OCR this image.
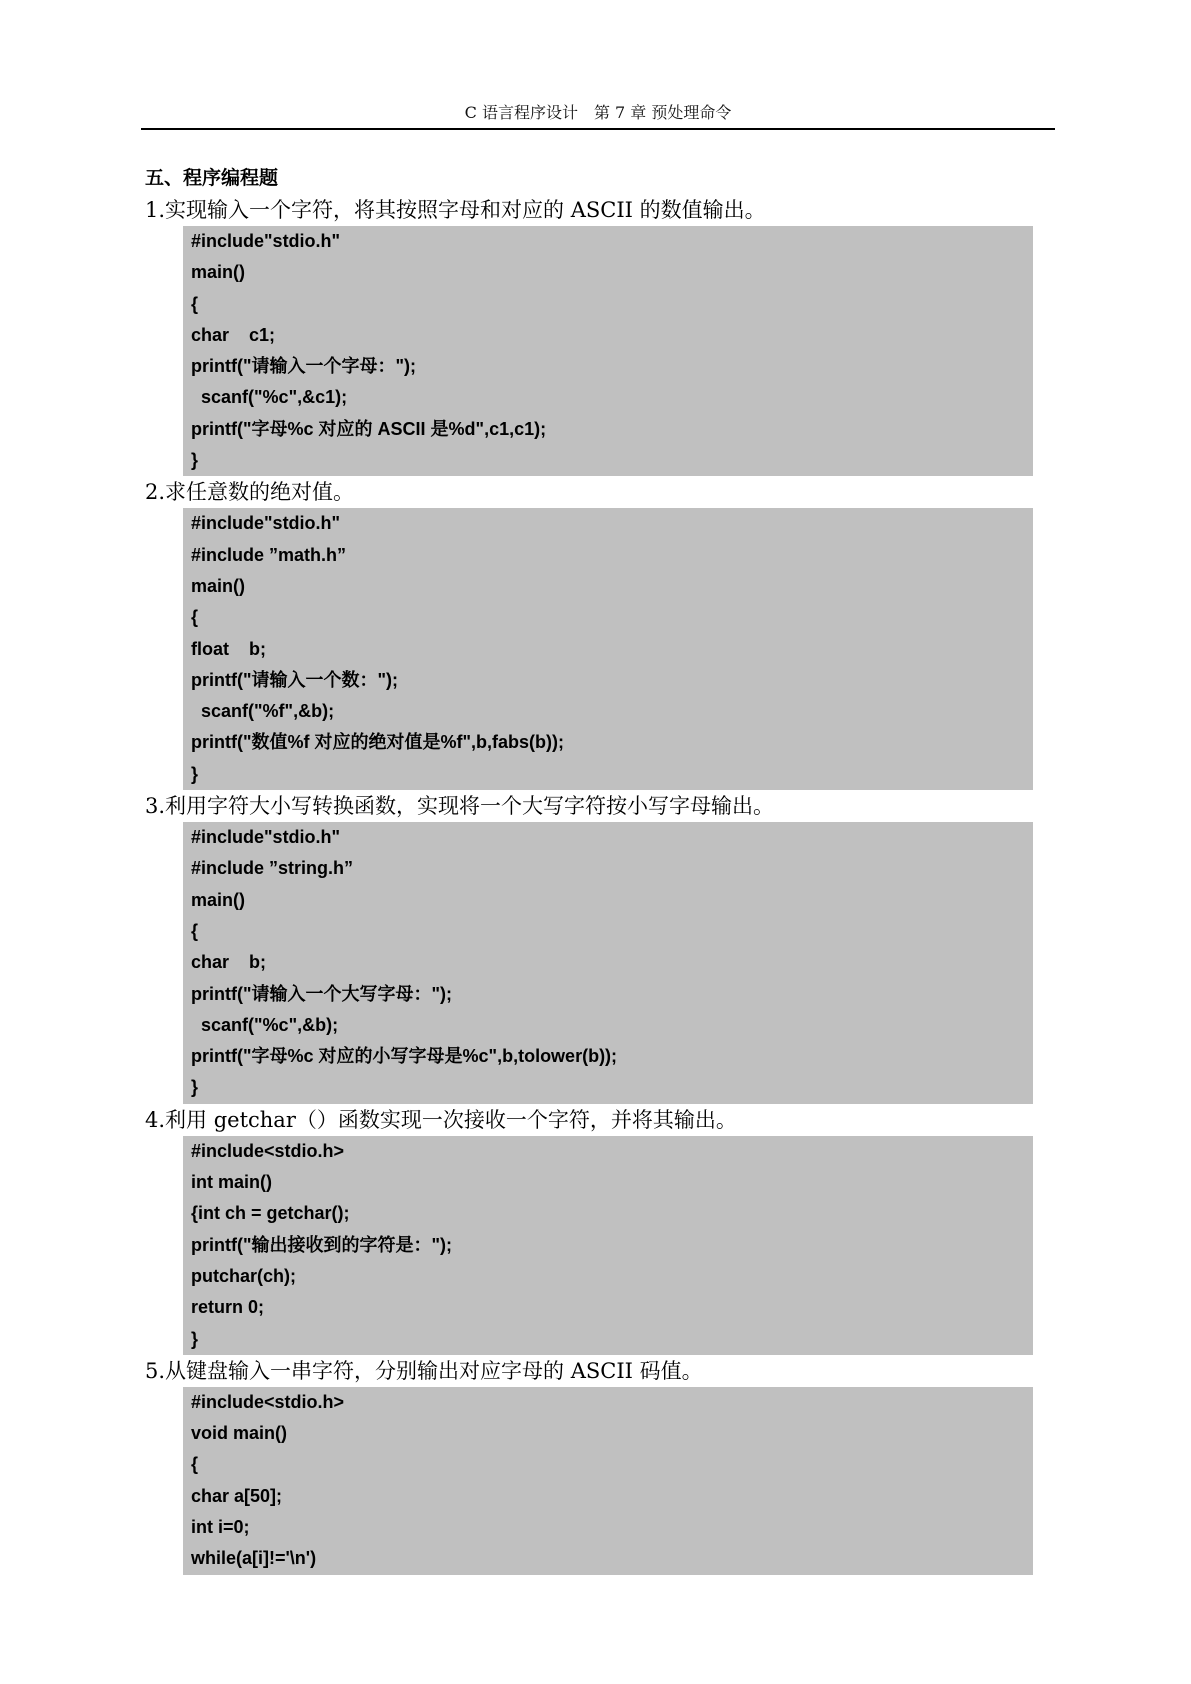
C 语言程序设计　第 7 章 预处理命令
五、程序编程题
1.实现输入一个字符，将其按照字母和对应的 ASCII 的数值输出。
#include"stdio.h"
main()
{
char    c1;
printf("请输入一个字母：");
scanf("%c",&c1);
printf("字母%c 对应的 ASCII 是%d",c1,c1);
}
2.求任意数的绝对值。
#include"stdio.h"
#include ”math.h”
main()
{
float    b;
printf("请输入一个数：");
scanf("%f",&b);
printf("数值%f 对应的绝对值是%f",b,fabs(b));
}
3.利用字符大小写转换函数，实现将一个大写字符按小写字母输出。
#include"stdio.h"
#include ”string.h”
main()
{
char    b;
printf("请输入一个大写字母：");
scanf("%c",&b);
printf("字母%c 对应的小写字母是%c",b,tolower(b));
}
4.利用 getchar（）函数实现一次接收一个字符，并将其输出。
#include<stdio.h>
int main()
{int ch = getchar();
printf("输出接收到的字符是：");
putchar(ch);
return 0;
}
5.从键盘输入一串字符，分别输出对应字母的 ASCII 码值。
#include<stdio.h>
void main()
{
char a[50];
int i=0;
while(a[i]!='\n')
